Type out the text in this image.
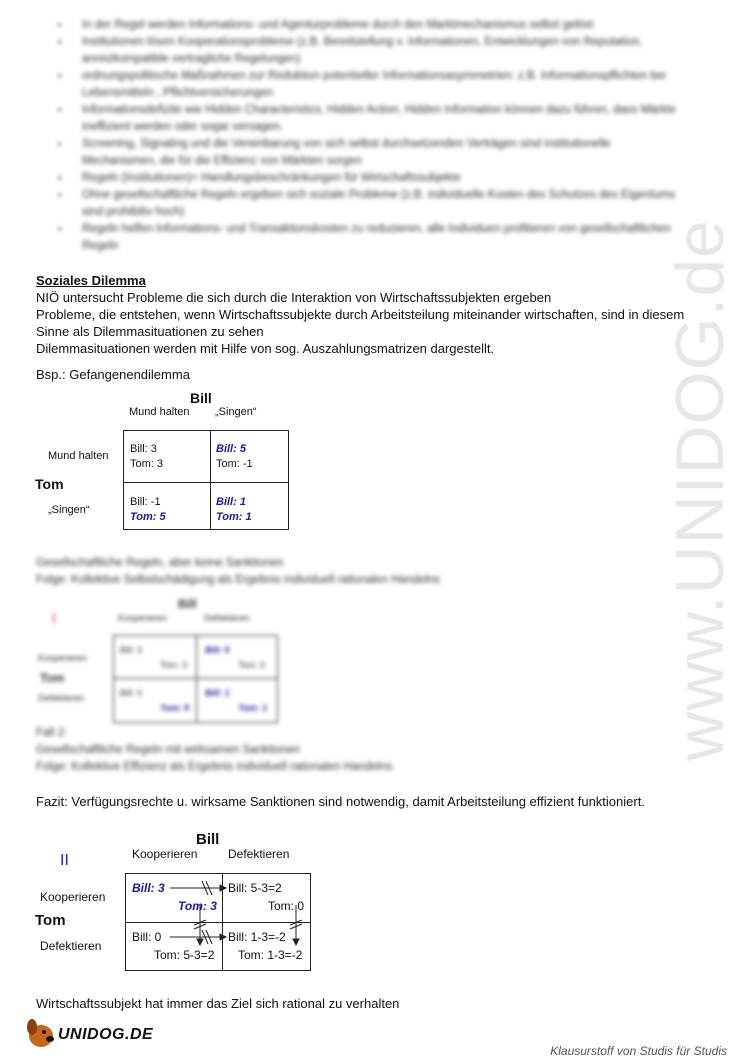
www.UNIDOG.de
▪ In der Regel werden Informations- und Agenturprobleme durch den Marktmechanismus selbst gelöst
▪ Institutionen lösen Kooperationsprobleme (z.B. Bereitstellung v. Informationen, Entwicklungen von Reputation, anreizkompatible vertragliche Regelungen)
▪ ordnungspolitische Maßnahmen zur Reduktion potentieller Informationsasymmetrien: z.B. Informationspflichten bei Lebensmitteln , Pflichtversicherungen
▪ Informationsdefizite wie Hidden Characteristics, Hidden Action, Hidden Information können dazu führen, dass Märkte ineffizient werden oder sogar versagen.
▪ Screening, Signaling und die Vereinbarung von sich selbst durchsetzenden Verträgen sind institutionelle Mechanismen, die für die Effizienz von Märkten sorgen
▪ Regeln (Institutionen)= Handlungsbeschränkungen für Wirtschaftssubjekte
▪ Ohne gesellschaftliche Regeln ergeben sich soziale Probleme (z.B. individuelle Kosten des Schutzes des Eigentums sind prohibitiv hoch)
▪ Regeln helfen Informations- und Transaktionskosten zu reduzieren, alle Individuen profitieren von gesellschaftlichen Regeln
Soziales Dilemma
NIÖ untersucht Probleme die sich durch die Interaktion von Wirtschaftssubjekten ergeben
Probleme, die entstehen, wenn Wirtschaftssubjekte durch Arbeitsteilung miteinander wirtschaften, sind in diesem
Sinne als Dilemmasituationen zu sehen
Dilemmasituationen werden mit Hilfe von sog. Auszahlungsmatrizen dargestellt.
Bsp.: Gefangenendilemma
Bill
Mund halten „Singen“
Mund halten
Tom
„Singen“
Bill: 3
Tom: 3
Bill: 5
Tom: -1
Bill: -1
Tom: 5
Bill: 1
Tom: 1
Gesellschaftliche Regeln, aber keine Sanktionen
Folge: Kollektive Selbstschädigung als Ergebnis individuell rationalen Handelns
I
Bill
Kooperieren	Defektieren
Kooperieren
Tom
Defektieren
Bill: 3
Tom: 3
Bill: 5
Tom: 0
Bill: 0
Tom: 5
Bill: 1
Tom: 1
Fall 2:
Gesellschaftliche Regeln mit wirksamen Sanktionen
Folge: Kollektive Effizienz als Ergebnis individuell rationalen Handelns
Fazit: Verfügungsrechte u. wirksame Sanktionen sind notwendig, damit Arbeitsteilung effizient funktioniert.
II
Bill
Kooperieren	Defektieren
Kooperieren
Tom
Defektieren
Bill: 3
Tom: 3
Bill: 5-3=2
Tom: 0
Bill: 0
Tom: 5-3=2
Bill: 1-3=-2
Tom: 1-3=-2
Wirtschaftssubjekt hat immer das Ziel sich rational zu verhalten
UNIDOG.DE
Klausurstoff von Studis für Studis
